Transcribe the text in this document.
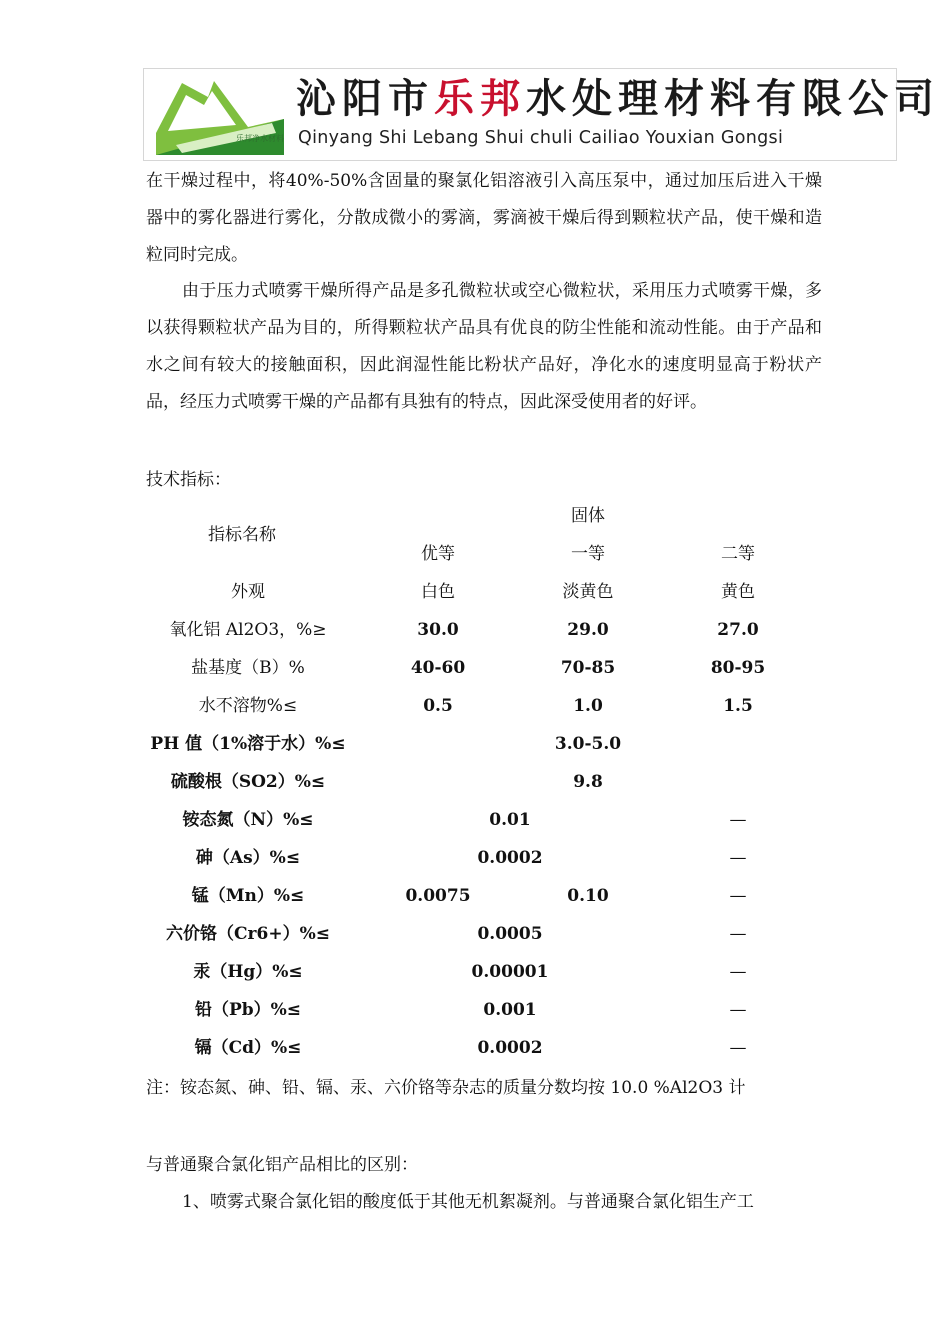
乐邦净水材料
沁阳市乐邦水处理材料有限公司
Qinyang Shi Lebang Shui chuli Cailiao Youxian Gongsi

在干燥过程中，将40%-50%含固量的聚氯化铝溶液引入高压泵中，通过加压后进入干燥器中的雾化器进行雾化，分散成微小的雾滴，雾滴被干燥后得到颗粒状产品，使干燥和造粒同时完成。

由于压力式喷雾干燥所得产品是多孔微粒状或空心微粒状，采用压力式喷雾干燥，多以获得颗粒状产品为目的，所得颗粒状产品具有优良的防尘性能和流动性能。由于产品和水之间有较大的接触面积，因此润湿性能比粉状产品好，净化水的速度明显高于粉状产品，经压力式喷雾干燥的产品都有具独有的特点，因此深受使用者的好评。

技术指标：
指标名称
固体
优等	一等	二等
外观	白色	淡黄色	黄色
氧化铝 Al2O3，%≥	30.0	29.0	27.0
盐基度（B）%	40-60	70-85	80-95
水不溶物%≤	0.5	1.0	1.5
PH 值（1%溶于水）%≤	3.0-5.0
硫酸根（SO2）%≤	9.8
铵态氮（N）%≤	0.01	—
砷（As）%≤	0.0002	—
锰（Mn）%≤	0.0075	0.10	—
六价铬（Cr6+）%≤	0.0005	—
汞（Hg）%≤	0.00001	—
铅（Pb）%≤	0.001	—
镉（Cd）%≤	0.0002	—
注：铵态氮、砷、铅、镉、汞、六价铬等杂志的质量分数均按 10.0 %Al2O3 计
与普通聚合氯化铝产品相比的区别：
1、喷雾式聚合氯化铝的酸度低于其他无机絮凝剂。与普通聚合氯化铝生产工
